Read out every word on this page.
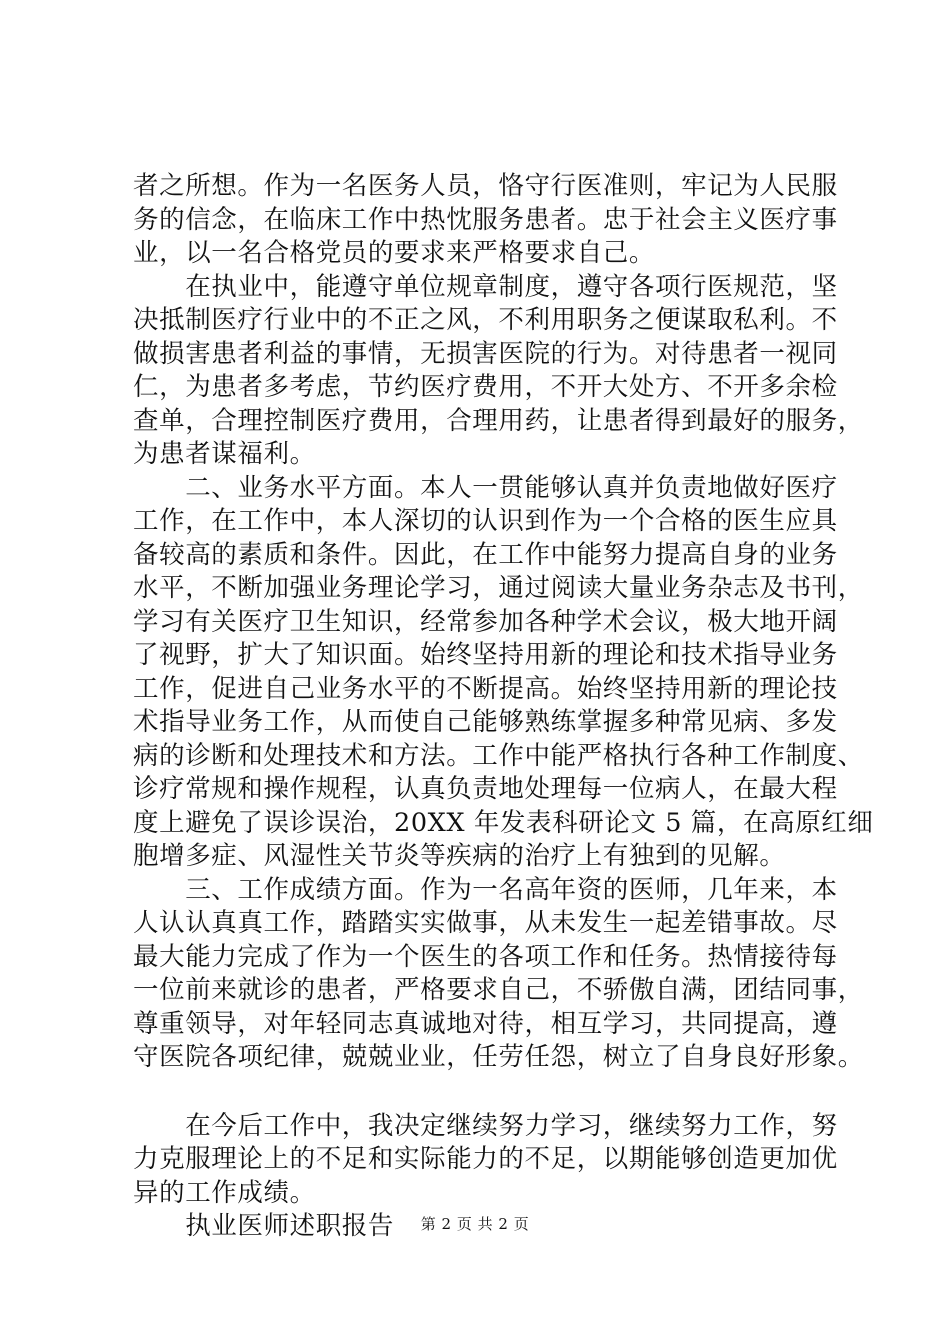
者之所想。作为一名医务人员，恪守行医准则，牢记为人民服
务的信念，在临床工作中热忱服务患者。忠于社会主义医疗事
业，以一名合格党员的要求来严格要求自己。
　　在执业中，能遵守单位规章制度，遵守各项行医规范，坚
决抵制医疗行业中的不正之风，不利用职务之便谋取私利。不
做损害患者利益的事情，无损害医院的行为。对待患者一视同
仁，为患者多考虑，节约医疗费用，不开大处方、不开多余检
查单，合理控制医疗费用，合理用药，让患者得到最好的服务，
为患者谋福利。
　　二、业务水平方面。本人一贯能够认真并负责地做好医疗
工作，在工作中，本人深切的认识到作为一个合格的医生应具
备较高的素质和条件。因此，在工作中能努力提高自身的业务
水平，不断加强业务理论学习，通过阅读大量业务杂志及书刊，
学习有关医疗卫生知识，经常参加各种学术会议，极大地开阔
了视野，扩大了知识面。始终坚持用新的理论和技术指导业务
工作，促进自己业务水平的不断提高。始终坚持用新的理论技
术指导业务工作，从而使自己能够熟练掌握多种常见病、多发
病的诊断和处理技术和方法。工作中能严格执行各种工作制度、
诊疗常规和操作规程，认真负责地处理每一位病人，在最大程
度上避免了误诊误治，20XX 年发表科研论文 5 篇，在高原红细
胞增多症、风湿性关节炎等疾病的治疗上有独到的见解。
　　三、工作成绩方面。作为一名高年资的医师，几年来，本
人认认真真工作，踏踏实实做事，从未发生一起差错事故。尽
最大能力完成了作为一个医生的各项工作和任务。热情接待每
一位前来就诊的患者，严格要求自己，不骄傲自满，团结同事，
尊重领导，对年轻同志真诚地对待，相互学习，共同提高，遵
守医院各项纪律，兢兢业业，任劳任怨，树立了自身良好形象。
　　在今后工作中，我决定继续努力学习，继续努力工作，努
力克服理论上的不足和实际能力的不足，以期能够创造更加优
异的工作成绩。
　　执业医师述职报告	第 2 页 共 2 页
